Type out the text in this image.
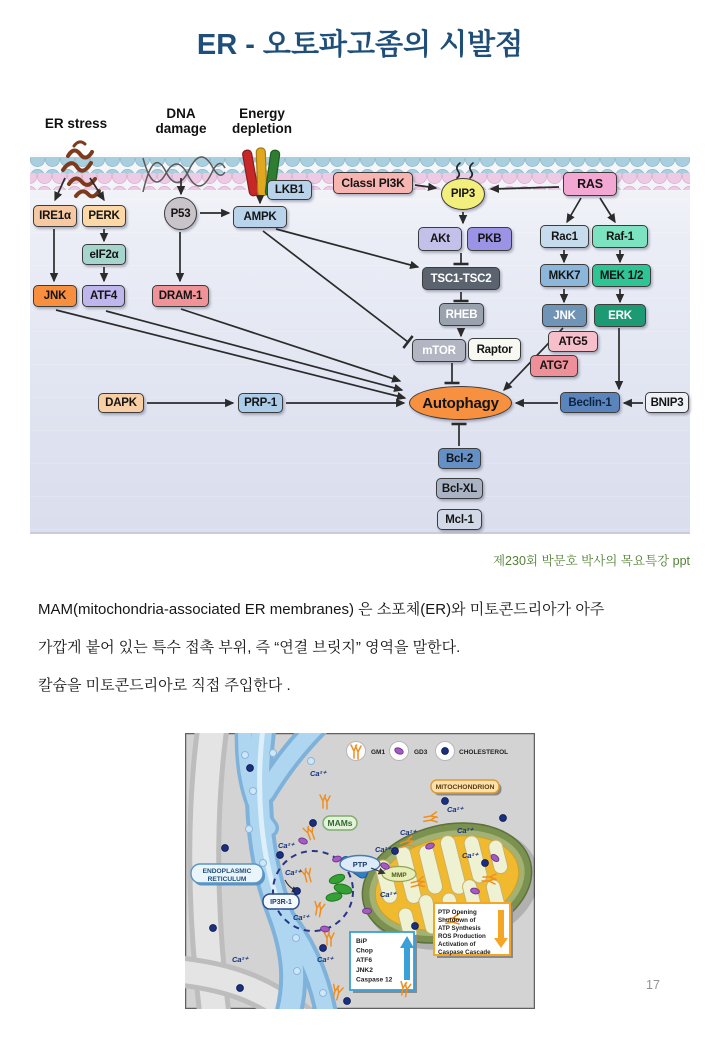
ER - 오토파고좀의 시발점
IRE1α	PERK	P53	AMPK
LKB1	ClassI PI3K
PIP3
RAS
eIF2α
AKt	PKB	Rac1	Raf-1
JNK	ATF4	DRAM-1
TSC1-TSC2	MKK7	MEK 1/2
RHEB	JNK	ERK
mTOR	Raptor
ATG5
ATG7
DAPK	PRP-1	Autophagy	Beclin-1	BNIP3
Bcl-2
Bcl-XL
Mcl-1
ER stress
DNA
damage
Energy
depletion
제230회 박문호 박사의 목요특강 ppt
MAM(mitochondria-associated ER membranes) 은 소포체(ER)와 미토콘드리아가 아주
가깝게 붙어 있는 특수 접촉 부위, 즉 “연결 브릿지” 영역을 말한다.
칼슘을 미토콘드리아로 직접 주입한다 .
Ca²⁺
Ca²⁺
Ca²⁺
Ca²⁺
Ca²⁺	Ca²⁺
Ca²⁺
Ca²⁺
Ca²⁺
Ca²⁺
Ca²⁺
Ca²⁺
GM1	GD3	CHOLESTEROL
MITOCHONDRION
MAMs
ENDOPLASMIC
RETICULUM
IP3R-1
PTP
MMP
BiP
Chop
ATF6
JNK2
Caspase 12
PTP Opening
Shutdown of
ATP Synthesis
ROS Production
Activation of
Caspase Cascade
17
